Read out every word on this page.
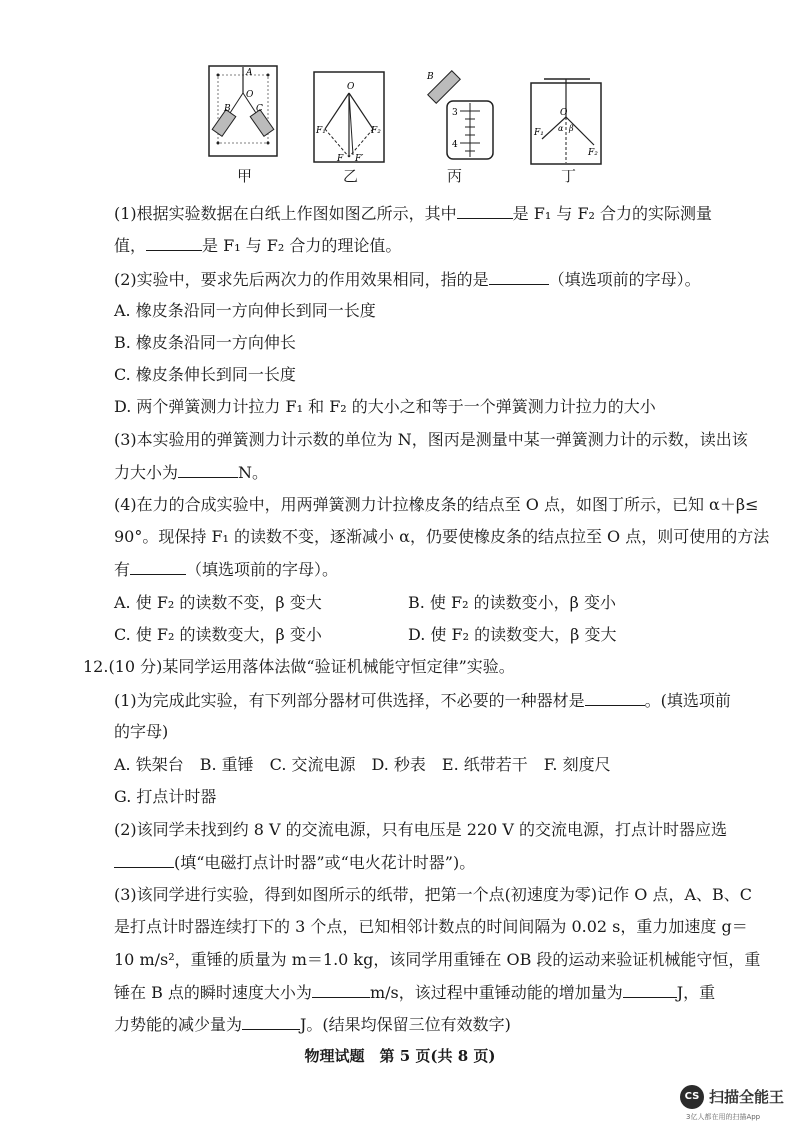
A
O
B	C
O
F₁	F₂
F F′
3
4
B
O
F₁
F₂
α β
甲	乙	丙	丁
(1)根据实验数据在白纸上作图如图乙所示，其中	是 F₁ 与 F₂ 合力的实际测量
值，	是 F₁ 与 F₂ 合力的理论值。
(2)实验中，要求先后两次力的作用效果相同，指的是	（填选项前的字母）。
A. 橡皮条沿同一方向伸长到同一长度
B. 橡皮条沿同一方向伸长
C. 橡皮条伸长到同一长度
D. 两个弹簧测力计拉力 F₁ 和 F₂ 的大小之和等于一个弹簧测力计拉力的大小
(3)本实验用的弹簧测力计示数的单位为 N，图丙是测量中某一弹簧测力计的示数，读出该
力大小为	N。
(4)在力的合成实验中，用两弹簧测力计拉橡皮条的结点至 O 点，如图丁所示，已知 α＋β≤
90°。现保持 F₁ 的读数不变，逐渐减小 α，仍要使橡皮条的结点拉至 O 点，则可使用的方法
有	（填选项前的字母）。
A. 使 F₂ 的读数不变，β 变大	B. 使 F₂ 的读数变小，β 变小
C. 使 F₂ 的读数变大，β 变小	D. 使 F₂ 的读数变大，β 变大
12.(10 分)某同学运用落体法做“验证机械能守恒定律”实验。
(1)为完成此实验，有下列部分器材可供选择，不必要的一种器材是	。(填选项前
的字母)
A. 铁架台　B. 重锤　C. 交流电源　D. 秒表　E. 纸带若干　F. 刻度尺
G. 打点计时器
(2)该同学未找到约 8 V 的交流电源，只有电压是 220 V 的交流电源，打点计时器应选
(填“电磁打点计时器”或“电火花计时器”)。
(3)该同学进行实验，得到如图所示的纸带，把第一个点(初速度为零)记作 O 点，A、B、C
是打点计时器连续打下的 3 个点，已知相邻计数点的时间间隔为 0.02 s，重力加速度 g＝
10 m/s²，重锤的质量为 m＝1.0 kg，该同学用重锤在 OB 段的运动来验证机械能守恒，重
锤在 B 点的瞬时速度大小为	m/s，该过程中重锤动能的增加量为	J，重
力势能的减少量为	J。(结果均保留三位有效数字)
物理试题　第 5 页(共 8 页)
CS 扫描全能王
3亿人都在用的扫描App
